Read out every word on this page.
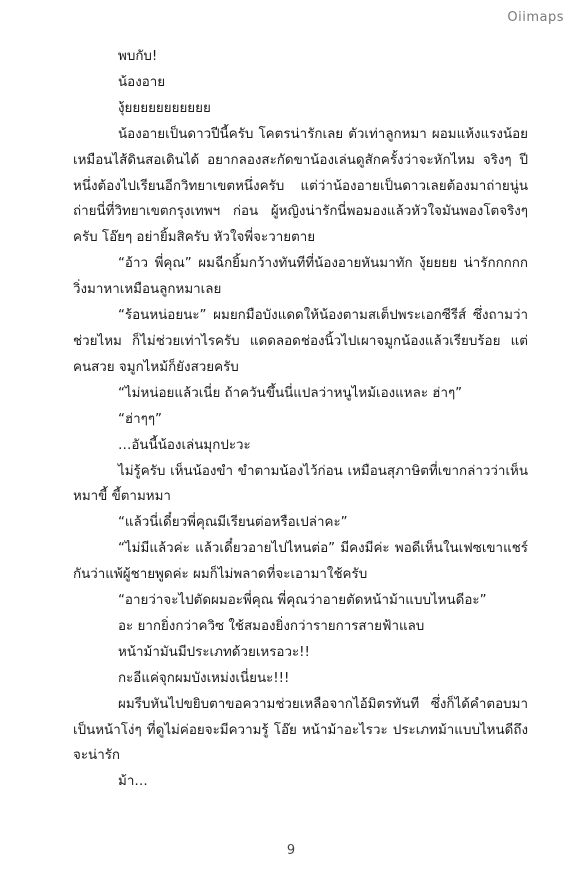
Oiimaps

พบกับ!

น้องอาย

งุ้ยยยยยยยยยยย

น้องอายเป็นดาวปีนี้ครับ โคตรน่ารักเลย ตัวเท่าลูกหมา ผอมแห้งแรงน้อยเหมือนไส้ดินสอเดินได้ อยากลองสะกัดขาน้องเล่นดูสักครั้งว่าจะหักไหม จริงๆ ปีหนึ่งต้องไปเรียนอีกวิทยาเขตหนึ่งครับ แต่ว่าน้องอายเป็นดาวเลยต้องมาถ่ายนู่นถ่ายนี่ที่วิทยาเขตกรุงเทพฯ ก่อน ผู้หญิงน่ารักนี่พอมองแล้วหัวใจมันพองโตจริงๆ ครับ โอ๊ยๆ อย่ายิ้มสิครับ หัวใจพี่จะวายตาย

“อ้าว พี่คุณ” ผมฉีกยิ้มกว้างทันทีที่น้องอายหันมาทัก งุ้ยยยย น่ารักกกกกวิ่งมาหาเหมือนลูกหมาเลย

“ร้อนหน่อยนะ” ผมยกมือบังแดดให้น้องตามสเต็ปพระเอกซีรีส์ ซึ่งถามว่าช่วยไหม ก็ไม่ช่วยเท่าไรครับ แดดลอดช่องนิ้วไปเผาจมูกน้องแล้วเรียบร้อย แต่คนสวย จมูกไหม้ก็ยังสวยครับ

“ไม่หน่อยแล้วเนี่ย ถ้าควันขึ้นนี่แปลว่าหนูไหม้เองแหละ ฮ่าๆ”

“ฮ่าๆๆ”

…อันนี้น้องเล่นมุกปะวะ

ไม่รู้ครับ เห็นน้องขำ ขำตามน้องไว้ก่อน เหมือนสุภาษิตที่เขากล่าวว่าเห็นหมาขี้ ขี้ตามหมา

“แล้วนี่เดี๋ยวพี่คุณมีเรียนต่อหรือเปล่าคะ”

“ไม่มีแล้วค่ะ แล้วเดี๋ยวอายไปไหนต่อ” มีคงมีค่ะ พอดีเห็นในเฟซเขาแชร์กันว่าแพ้ผู้ชายพูดค่ะ ผมก็ไม่พลาดที่จะเอามาใช้ครับ

“อายว่าจะไปตัดผมอะพี่คุณ พี่คุณว่าอายตัดหน้าม้าแบบไหนดีอะ”

อะ ยากยิ่งกว่าควิซ ใช้สมองยิ่งกว่ารายการสายฟ้าแลบ

หน้าม้ามันมีประเภทด้วยเหรอวะ!!

กะอีแค่จุกผมบังเหม่งเนี่ยนะ!!!

ผมรีบหันไปขยิบตาขอความช่วยเหลือจากไอ้มิตรทันที ซึ่งก็ได้คำตอบมาเป็นหน้าโง่ๆ ที่ดูไม่ค่อยจะมีความรู้ โอ๊ย หน้าม้าอะไรวะ ประเภทม้าแบบไหนดีถึงจะน่ารัก

ม้า…

9
